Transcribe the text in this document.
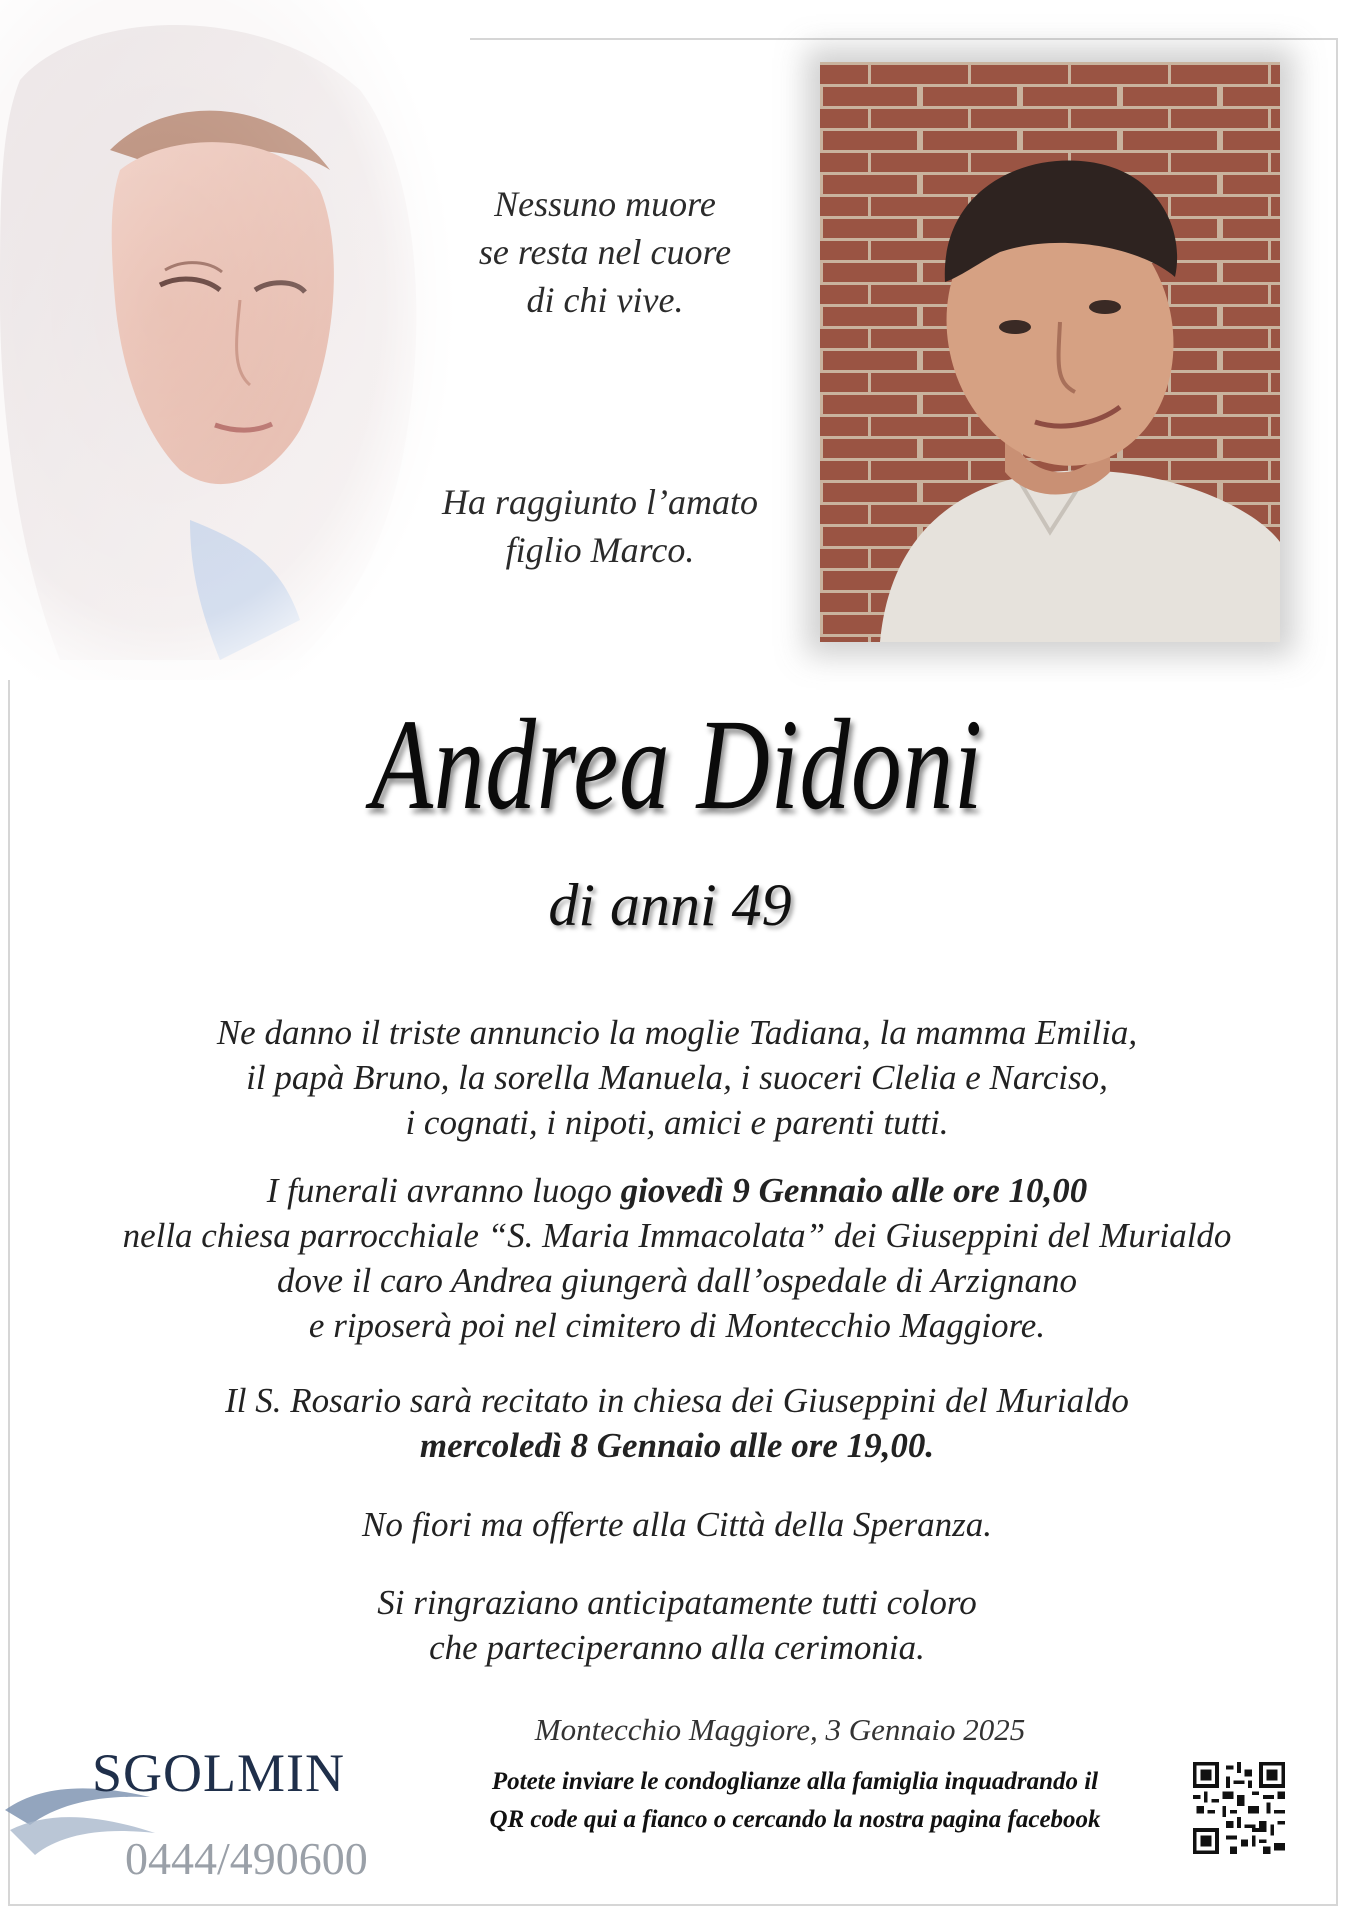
Nessuno muore
se resta nel cuore
di chi vive.
Ha raggiunto l’amato
figlio Marco.
Andrea Didoni
di anni 49
Ne danno il triste annuncio la moglie Tadiana, la mamma Emilia,
il papà Bruno, la sorella Manuela, i suoceri Clelia e Narciso,
i cognati, i nipoti, amici e parenti tutti.
I funerali avranno luogo giovedì 9 Gennaio alle ore 10,00
nella chiesa parrocchiale “S. Maria Immacolata” dei Giuseppini del Murialdo
dove il caro Andrea giungerà dall’ospedale di Arzignano
e riposerà poi nel cimitero di Montecchio Maggiore.
Il S. Rosario sarà recitato in chiesa dei Giuseppini del Murialdo
mercoledì 8 Gennaio alle ore 19,00.
No fiori ma offerte alla Città della Speranza.
Si ringraziano anticipatamente tutti coloro
che parteciperanno alla cerimonia.
Montecchio Maggiore, 3 Gennaio 2025
SGOLMIN
0444/490600
Potete inviare le condoglianze alla famiglia inquadrando il
QR code qui a fianco o cercando la nostra pagina facebook
